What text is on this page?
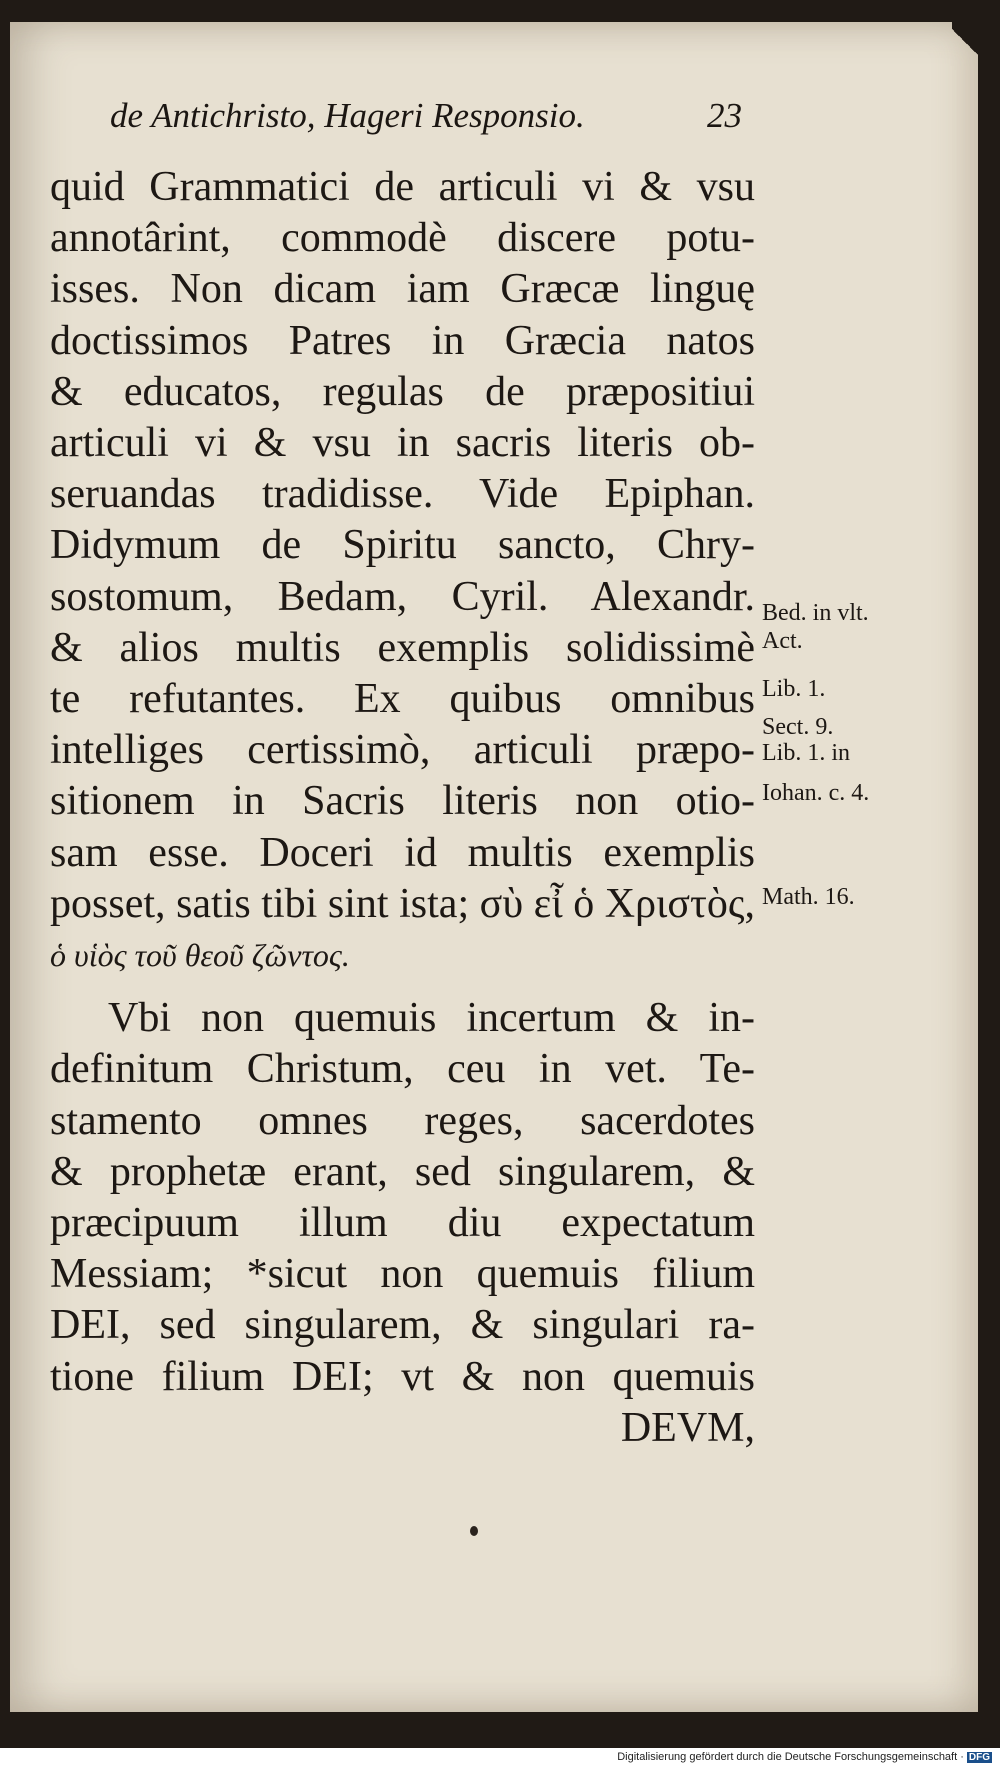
de Antichristo, Hageri Responsio.	23
quid Grammatici de articuli vi & vsu
annotârint, commodè discere potu-
isses. Non dicam iam Græcæ linguę
doctissimos Patres in Græcia natos
& educatos, regulas de præpositiui
articuli vi & vsu in sacris literis ob-
seruandas tradidisse. Vide Epiphan.
Didymum de Spiritu sancto, Chry-
sostomum, Bedam, Cyril. Alexandr.
& alios multis exemplis solidissimè
te refutantes. Ex quibus omnibus
intelliges certissimò, articuli præpo-
sitionem in Sacris literis non otio-
sam esse. Doceri id multis exemplis
posset, satis tibi sint ista; σὺ εἶ ὁ Χριστὸς,
ὁ υἱὸς τοῦ θεοῦ ζῶντος.
Vbi non quemuis incertum & in-
definitum Christum, ceu in vet. Te-
stamento omnes reges, sacerdotes
& prophetæ erant, sed singularem, &
præcipuum illum diu expectatum
Messiam; *sicut non quemuis filium
DEI, sed singularem, & singulari ra-
tione filium DEI; vt & non quemuis
DEVM,
Bed. in vlt.
Act.
Lib. 1.
Sect. 9.
Lib. 1. in
Iohan. c. 4.
Math. 16.
Digitalisierung gefördert durch die Deutsche Forschungsgemeinschaft · DFG
